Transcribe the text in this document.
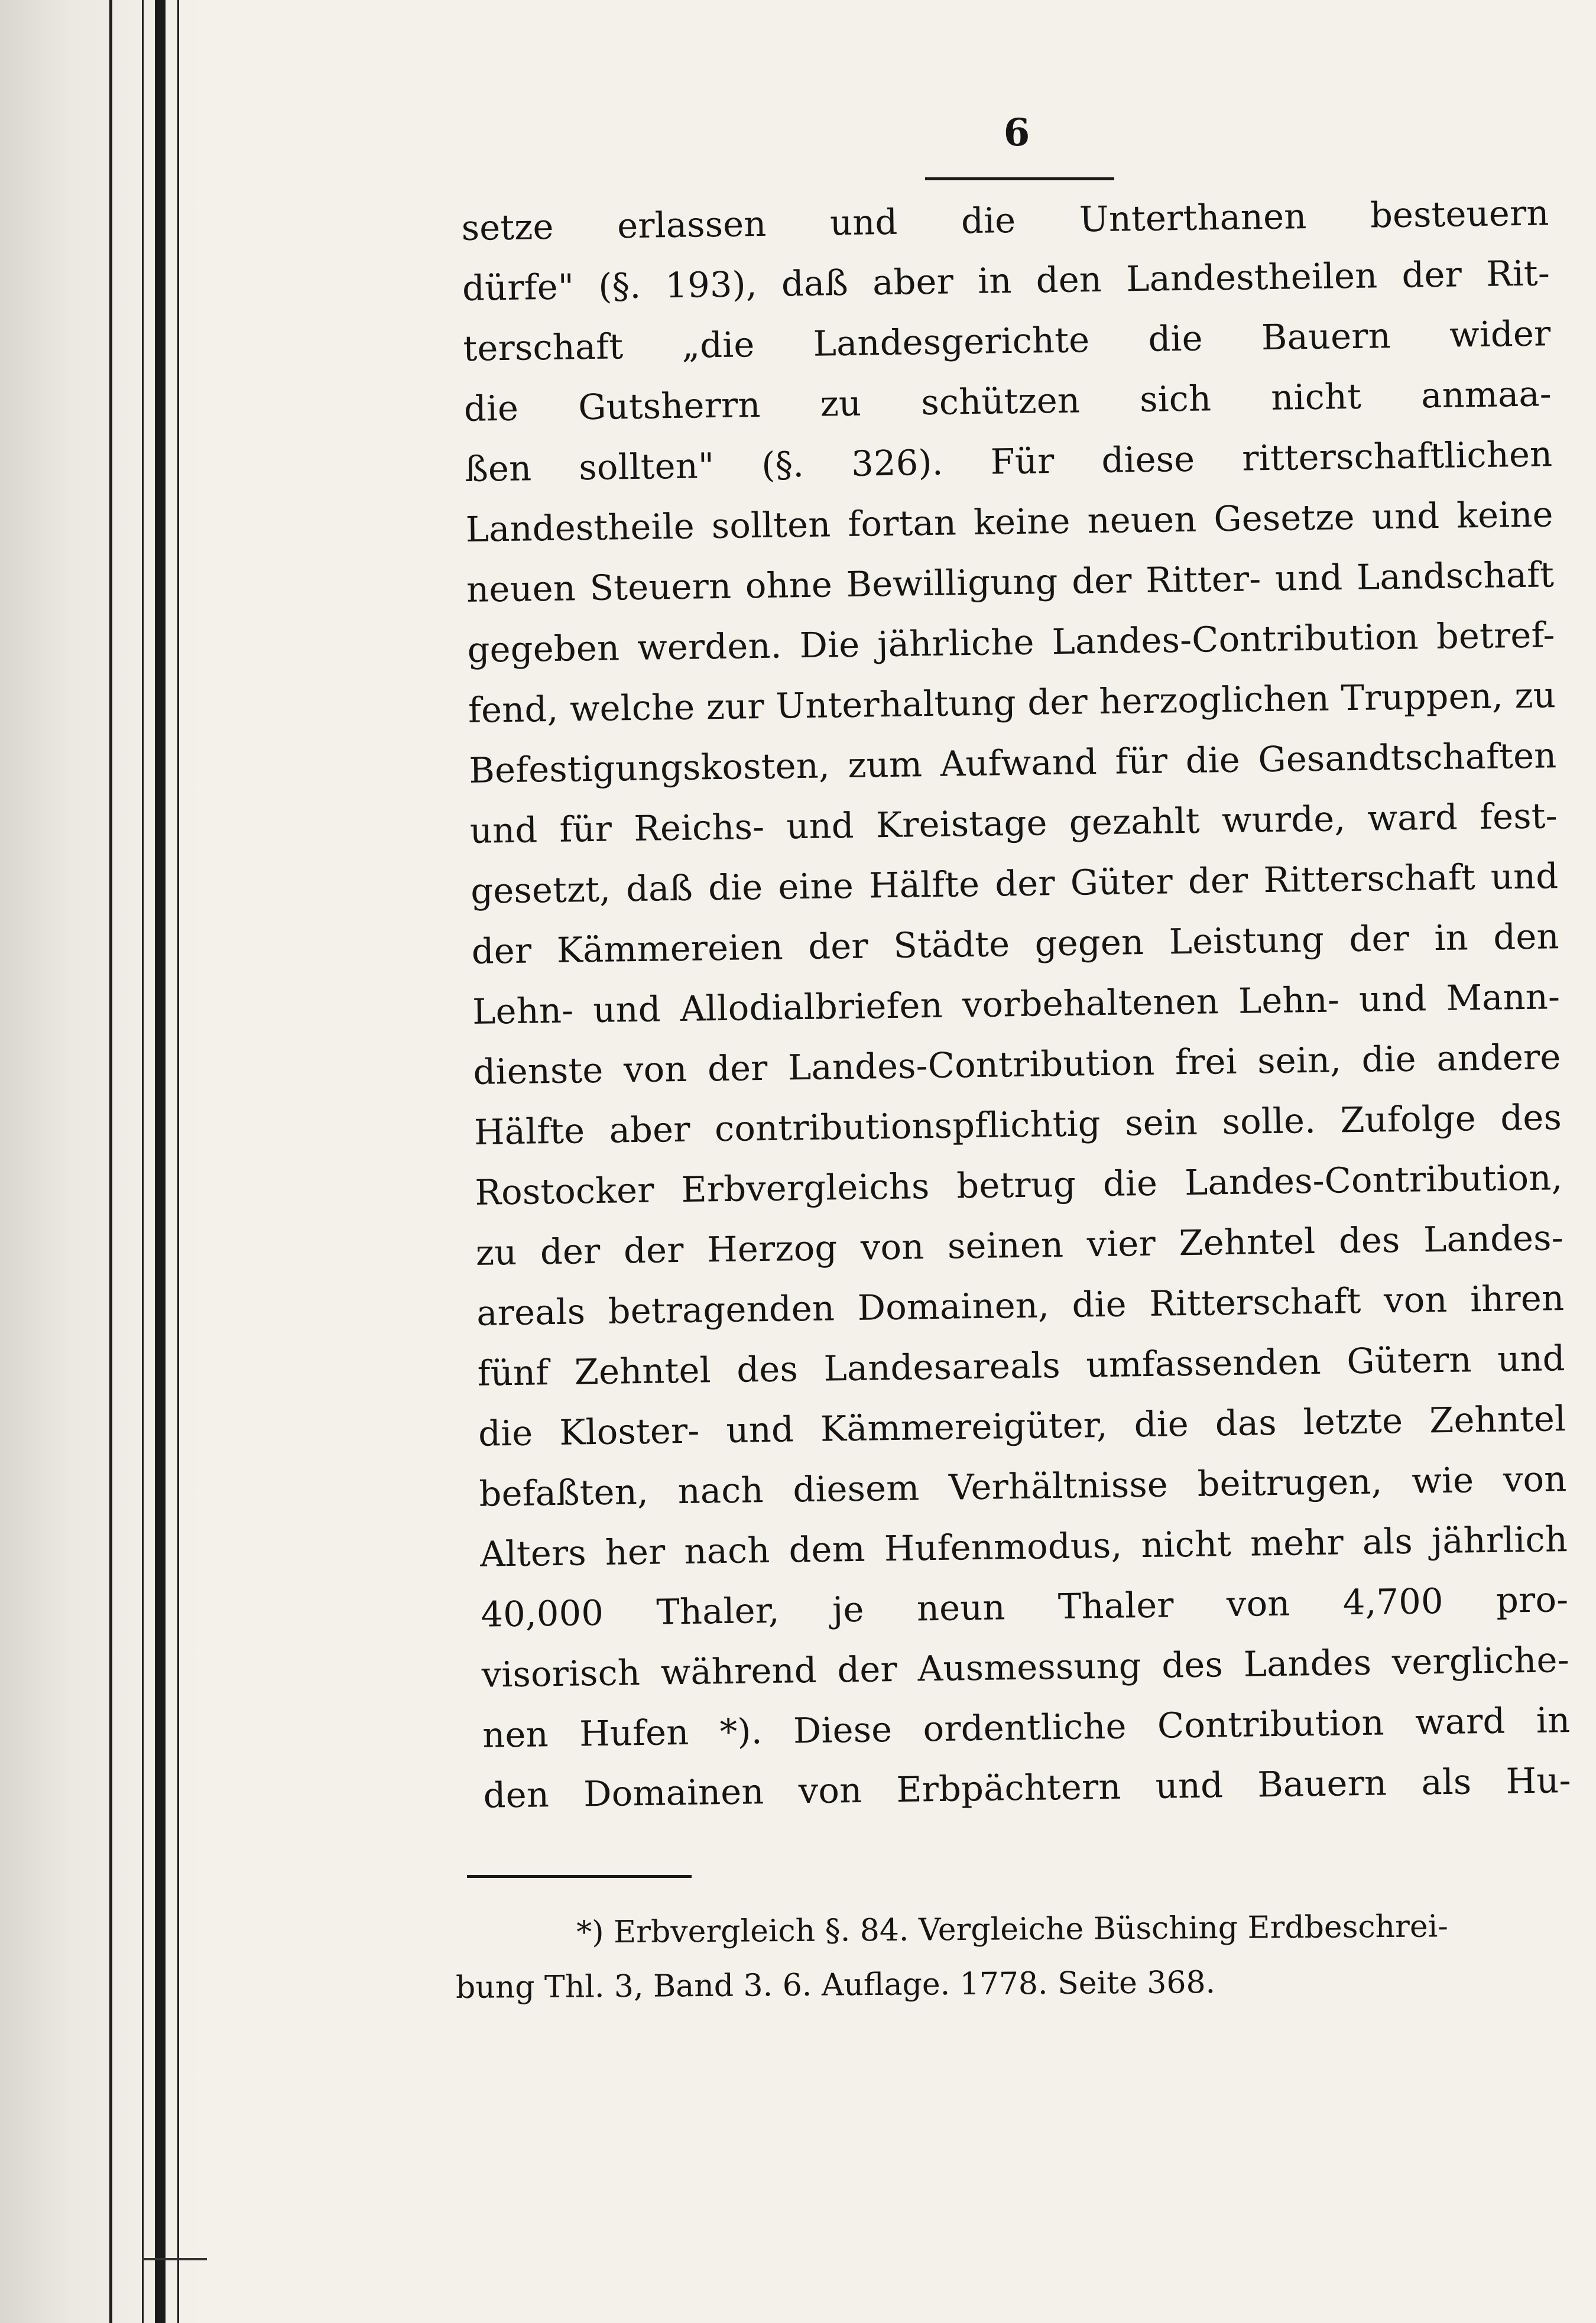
6
setze erlassen und die Unterthanen besteuern
dürfe" (§. 193), daß aber in den Landestheilen der Rit-
terschaft „die Landesgerichte die Bauern wider
die Gutsherrn zu schützen sich nicht anmaa-
ßen sollten" (§. 326). Für diese ritterschaftlichen
Landestheile sollten fortan keine neuen Gesetze und keine
neuen Steuern ohne Bewilligung der Ritter- und Landschaft
gegeben werden. Die jährliche Landes-Contribution betref-
fend, welche zur Unterhaltung der herzoglichen Truppen, zu
Befestigungskosten, zum Aufwand für die Gesandtschaften
und für Reichs- und Kreistage gezahlt wurde, ward fest-
gesetzt, daß die eine Hälfte der Güter der Ritterschaft und
der Kämmereien der Städte gegen Leistung der in den
Lehn- und Allodialbriefen vorbehaltenen Lehn- und Mann-
dienste von der Landes-Contribution frei sein, die andere
Hälfte aber contributionspflichtig sein solle. Zufolge des
Rostocker Erbvergleichs betrug die Landes-Contribution,
zu der der Herzog von seinen vier Zehntel des Landes-
areals betragenden Domainen, die Ritterschaft von ihren
fünf Zehntel des Landesareals umfassenden Gütern und
die Kloster- und Kämmereigüter, die das letzte Zehntel
befaßten, nach diesem Verhältnisse beitrugen, wie von
Alters her nach dem Hufenmodus, nicht mehr als jährlich
40,000 Thaler, je neun Thaler von 4,700 pro-
visorisch während der Ausmessung des Landes vergliche-
nen Hufen *). Diese ordentliche Contribution ward in
den Domainen von Erbpächtern und Bauern als Hu-
*) Erbvergleich §. 84. Vergleiche Büsching Erdbeschrei-
bung Thl. 3, Band 3. 6. Auflage. 1778. Seite 368.
